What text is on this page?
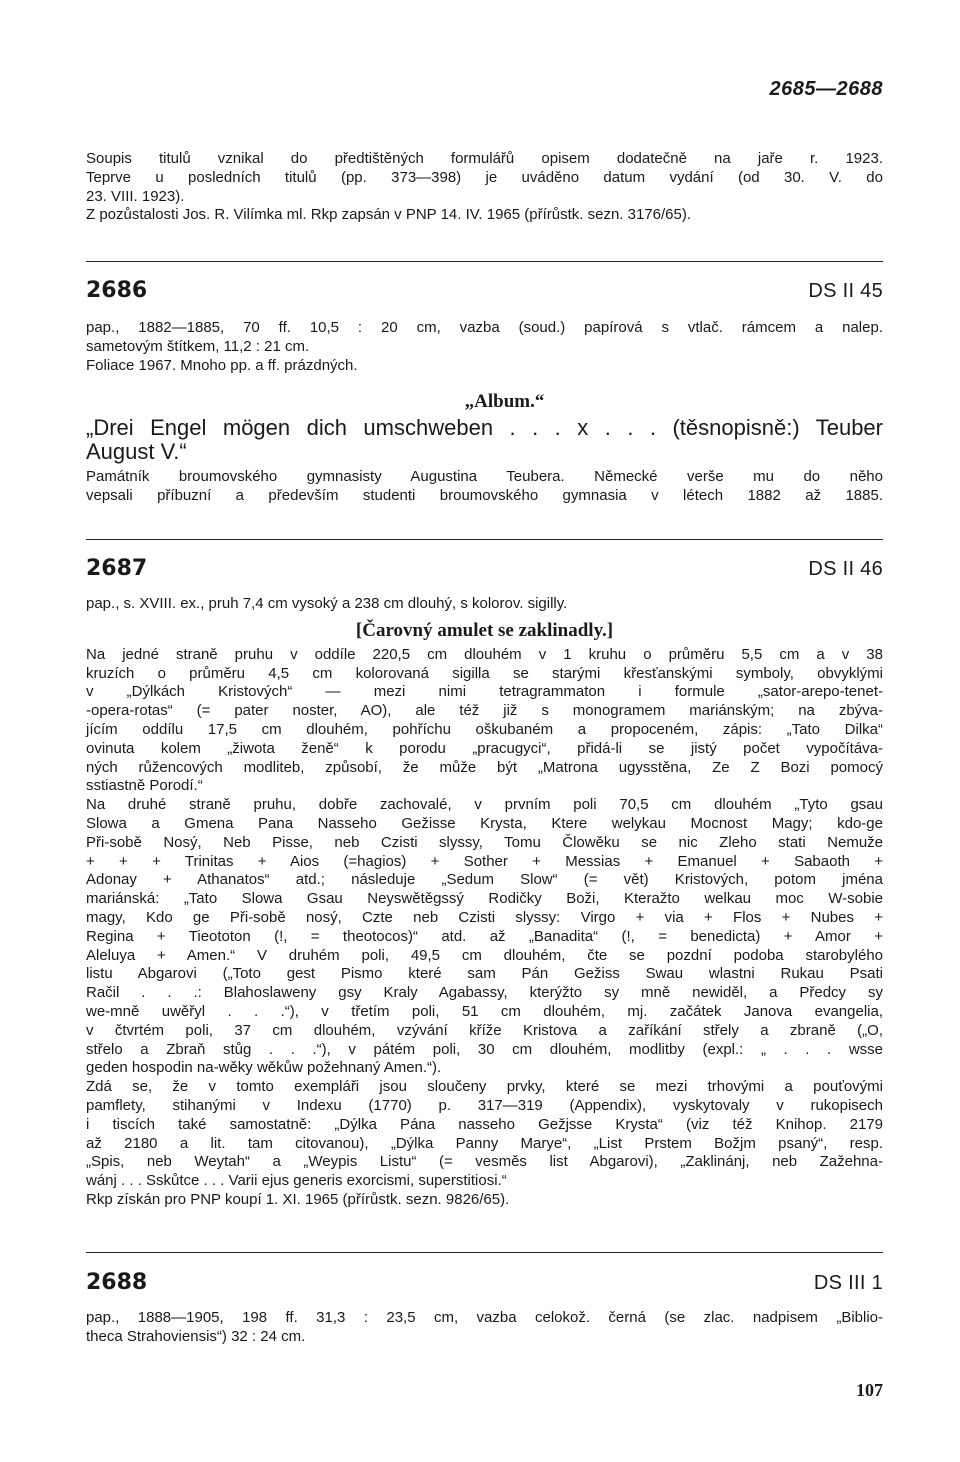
2685—2688

Soupis titulů vznikal do předtištěných formulářů opisem dodatečně na jaře r. 1923.
Teprve u posledních titulů (pp. 373—398) je uváděno datum vydání (od 30. V. do
23. VIII. 1923).
Z pozůstalosti Jos. R. Vilímka ml. Rkp zapsán v PNP 14. IV. 1965 (přírůstk. sezn. 3176/65).

2686	DS II 45

pap., 1882—1885, 70 ff. 10,5 : 20 cm, vazba (soud.) papírová s vtlač. rámcem a nalep.
sametovým štítkem, 11,2 : 21 cm.
Foliace 1967. Mnoho pp. a ff. prázdných.

„Album.“

„Drei Engel mögen dich umschweben . . . x . . . (těsnopisně:) Teuber
August V.“

Památník broumovského gymnasisty Augustina Teubera. Německé verše mu do něho
vepsali příbuzní a především studenti broumovského gymnasia v létech 1882 až 1885.

2687	DS II 46

pap., s. XVIII. ex., pruh 7,4 cm vysoký a 238 cm dlouhý, s kolorov. sigilly.

[Čarovný amulet se zaklinadly.]

Na jedné straně pruhu v oddíle 220,5 cm dlouhém v 1 kruhu o průměru 5,5 cm a v 38
kruzích o průměru 4,5 cm kolorovaná sigilla se starými křesťanskými symboly, obvyklými
v „Dýlkách Kristových“ — mezi nimi tetragrammaton i formule „sator-arepo-tenet-
-opera-rotas“ (= pater noster, AO), ale též již s monogramem mariánským; na zbýva-
jícím oddílu 17,5 cm dlouhém, pohříchu oškubaném a propoceném, zápis: „Tato Dilka“
ovinuta kolem „žiwota ženě“ k porodu „pracugyci“, přidá-li se jistý počet vypočítáva-
ných růžencových modliteb, způsobí, že může být „Matrona ugysstěna, Ze Z Bozi pomocý
sstiastně Porodí.“
Na druhé straně pruhu, dobře zachovalé, v prvním poli 70,5 cm dlouhém „Tyto gsau
Slowa a Gmena Pana Nasseho Gežisse Krysta, Ktere welykau Mocnost Magy; kdo-ge
Při-sobě Nosý, Neb Pisse, neb Czisti slyssy, Tomu Člowěku se nic Zleho stati Nemuže
+ + + Trinitas + Aios (=hagios) + Sother + Messias + Emanuel + Sabaoth +
Adonay + Athanatos“ atd.; následuje „Sedum Slow“ (= vět) Kristových, potom jména
mariánská: „Tato Slowa Gsau Neyswětěgssý Rodičky Boži, Kteražto welkau moc W-sobie
magy, Kdo ge Při-sobě nosý, Czte neb Czisti slyssy: Virgo + via + Flos + Nubes +
Regina + Tieototon (!, = theotocos)“ atd. až „Banadita“ (!, = benedicta) + Amor +
Aleluya + Amen.“ V druhém poli, 49,5 cm dlouhém, čte se pozdní podoba starobylého
listu Abgarovi („Toto gest Pismo které sam Pán Gežiss Swau wlastni Rukau Psati
Račil . . .: Blahoslaweny gsy Kraly Agabassy, kterýžto sy mně newiděl, a Předcy sy
we-mně uwěřyl . . .“), v třetím poli, 51 cm dlouhém, mj. začátek Janova evangelia,
v čtvrtém poli, 37 cm dlouhém, vzývání kříže Kristova a zaříkání střely a zbraně („O,
střelo a Zbraň stůg . . .“), v pátém poli, 30 cm dlouhém, modlitby (expl.: „ . . . wsse
geden hospodin na-wěky wěkůw požehnaný Amen.“).
Zdá se, že v tomto exempláři jsou sloučeny prvky, které se mezi trhovými a pouťovými
pamflety, stihanými v Indexu (1770) p. 317—319 (Appendix), vyskytovaly v rukopisech
i tiscích také samostatně: „Dýlka Pána nasseho Gežjsse Krysta“ (viz též Knihop. 2179
až 2180 a lit. tam citovanou), „Dýlka Panny Marye“, „List Prstem Božjm psaný“, resp.
„Spis, neb Weytah“ a „Weypis Listu“ (= vesměs list Abgarovi), „Zaklinánj, neb Zažehna-
wánj . . . Sskůtce . . . Varii ejus generis exorcismi, superstitiosi.“
Rkp získán pro PNP koupí 1. XI. 1965 (přírůstk. sezn. 9826/65).

2688	DS III 1

pap., 1888—1905, 198 ff. 31,3 : 23,5 cm, vazba celokož. černá (se zlac. nadpisem „Biblio-
theca Strahoviensis“) 32 : 24 cm.

107
